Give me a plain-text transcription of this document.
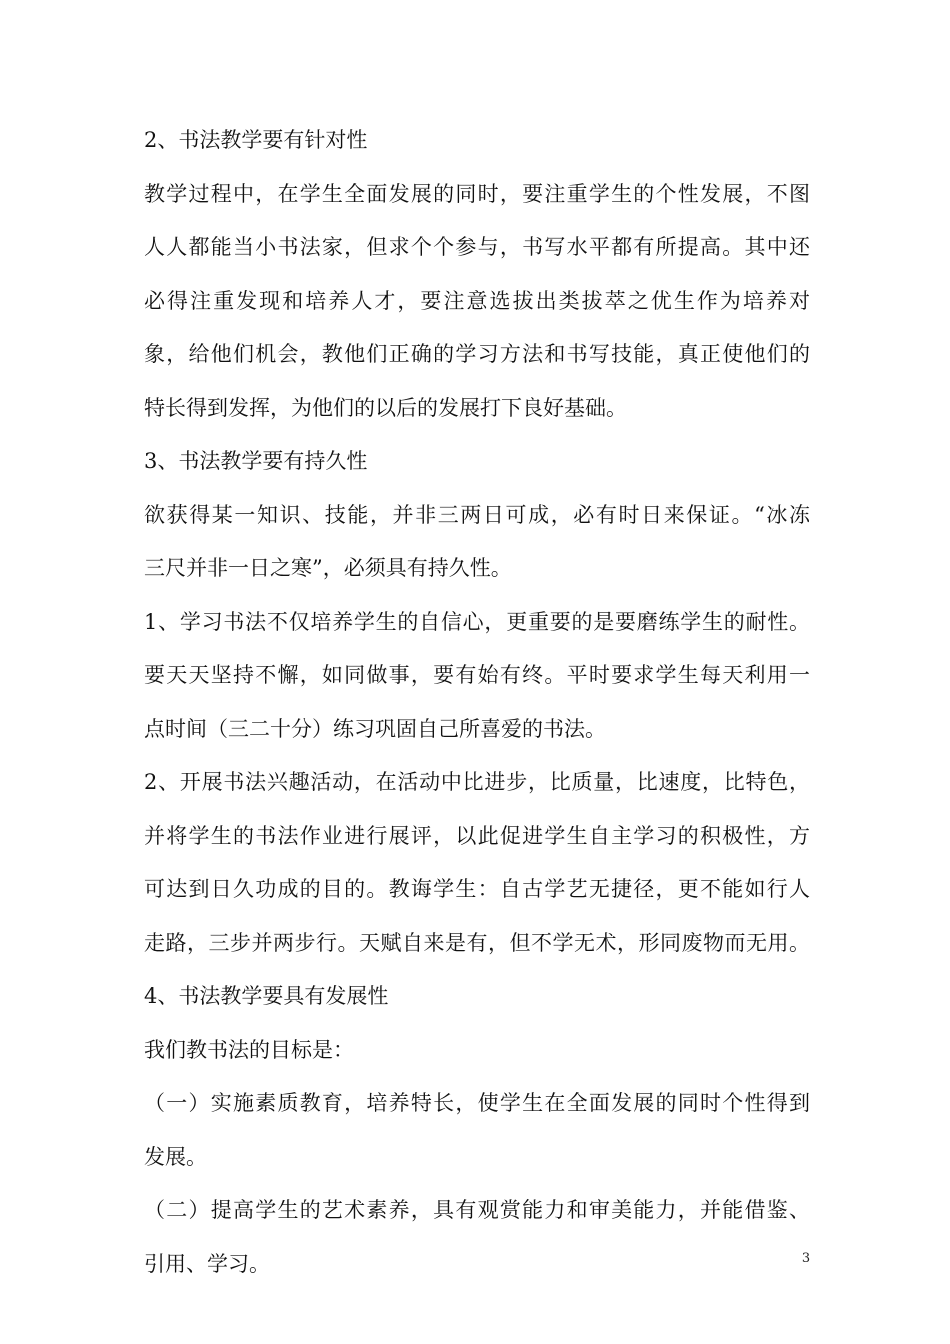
2、书法教学要有针对性
教学过程中，在学生全面发展的同时，要注重学生的个性发展，不图
人人都能当小书法家，但求个个参与，书写水平都有所提高。其中还
必得注重发现和培养人才，要注意选拔出类拔萃之优生作为培养对
象，给他们机会，教他们正确的学习方法和书写技能，真正使他们的
特长得到发挥，为他们的以后的发展打下良好基础。
3、书法教学要有持久性
欲获得某一知识、技能，并非三两日可成，必有时日来保证。“冰冻
三尺并非一日之寒”，必须具有持久性。
1、学习书法不仅培养学生的自信心，更重要的是要磨练学生的耐性。
要天天坚持不懈，如同做事，要有始有终。平时要求学生每天利用一
点时间（三二十分）练习巩固自己所喜爱的书法。
2、开展书法兴趣活动，在活动中比进步，比质量，比速度，比特色，
并将学生的书法作业进行展评，以此促进学生自主学习的积极性，方
可达到日久功成的目的。教诲学生：自古学艺无捷径，更不能如行人
走路，三步并两步行。天赋自来是有，但不学无术，形同废物而无用。
4、书法教学要具有发展性
我们教书法的目标是：
（一）实施素质教育，培养特长，使学生在全面发展的同时个性得到
发展。
（二）提高学生的艺术素养，具有观赏能力和审美能力，并能借鉴、
引用、学习。	3
